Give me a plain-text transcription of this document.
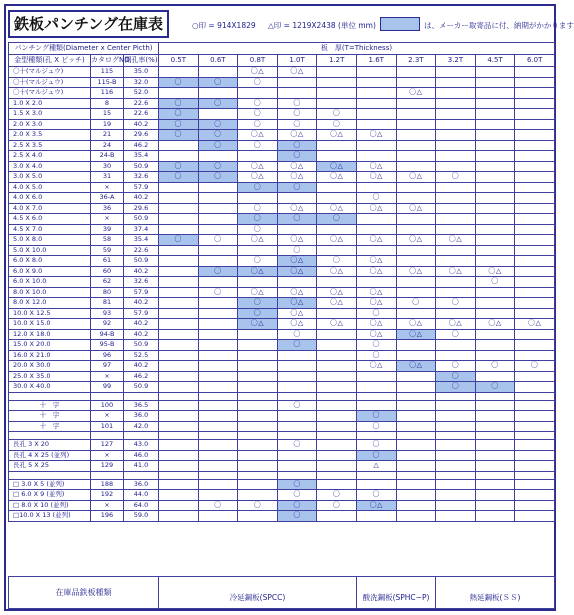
鉄板パンチング在庫表	○印 = 914X1829 △印 = 1219X2438 (単位 mm)	は、メーカー取寄品に付、納期がかかります
パンチング種類(Diameter x Center Picth)			板　厚(T=Thickness)									
金型種類(孔 X ピッチ)	カタログNO.	開孔率(%)	0.5T	0.6T	0.8T	1.0T	1.2T	1.6T	2.3T	3.2T	4.5T	6.0T
〇十(マルジュウ)	115	35.0			〇△	〇△						
〇十(マルジュウ)	115-B	32.0	〇	〇	〇							
〇十(マルジュウ)	116	52.0							〇△			
1.0 X 2.0	8	22.6	〇	〇	〇	〇						
1.5 X 3.0	15	22.6	〇		〇	〇	〇					
2.0 X 3.0	19	40.2	〇	〇	〇	〇	〇					
2.0 X 3.5	21	29.6	〇	〇	〇△	〇△	〇△	〇△				
2.5 X 3.5	24	46.2		〇	〇	〇						
2.5 X 4.0	24-B	35.4				〇						
3.0 X 4.0	30	50.9	〇	〇	〇△	〇△	〇△	〇△				
3.0 X 5.0	31	32.6	〇	〇	〇△	〇△	〇△	〇△	〇△	〇		
4.0 X 5.0	×	57.9			〇	〇						
4.0 X 6.0	36-A	40.2						〇				
4.0 X 7.0	36	29.6			〇	〇△	〇△	〇△	〇△			
4.5 X 6.0	×	50.9			〇	〇	〇					
4.5 X 7.0	39	37.4			〇							
5.0 X 8.0	58	35.4	〇	〇	〇△	〇△	〇△	〇△	〇△	〇△		
5.0 X 10.0	59	22.6				〇						
6.0 X 8.0	61	50.9			〇	〇△	〇	〇△				
6.0 X 9.0	60	40.2		〇	〇△	〇△	〇△	〇△	〇△	〇△	〇△	
6.0 X 10.0	62	32.6									〇	
8.0 X 10.0	80	57.9		〇	〇△	〇△	〇△	〇△				
8.0 X 12.0	81	40.2			〇	〇△	〇△	〇△	〇	〇		
10.0 X 12.5	93	57.9			〇	〇△		〇				
10.0 X 15.0	92	40.2			〇△	〇△	〇△	〇△	〇△	〇△	〇△	〇△
12.0 X 18.0	94-B	40.2				〇		〇△	〇△	〇		
15.0 X 20.0	95-B	50.9				〇		〇				
16.0 X 21.0	96	52.5						〇				
20.0 X 30.0	97	40.2						〇△	〇△	〇	〇	〇
25.0 X 35.0	×	46.2								〇		
30.0 X 40.0	99	50.9								〇	〇	

十　字	100	36.5				〇						
十　字	×	36.0						〇				
十　字	101	42.0						〇				

長孔 3 X 20	127	43.0				〇		〇				
長孔 4 X 25 (並列)	×	46.0						〇				
長孔 5 X 25	129	41.0						△				

□ 3.0 X 5 (並列)	188	36.0				〇						
□ 6.0 X 9 (並列)	192	44.0				〇	〇	〇				
□ 8.0 X 10 (並列)	×	64.0		〇	〇	〇	〇	〇△				
□10.0 X 13 (並列)	196	59.0				〇						
在庫品鉄板種類	冷延鋼板(SPCC)	酸洗鋼板(SPHC−P)	熱延鋼板(ＳＳ)
